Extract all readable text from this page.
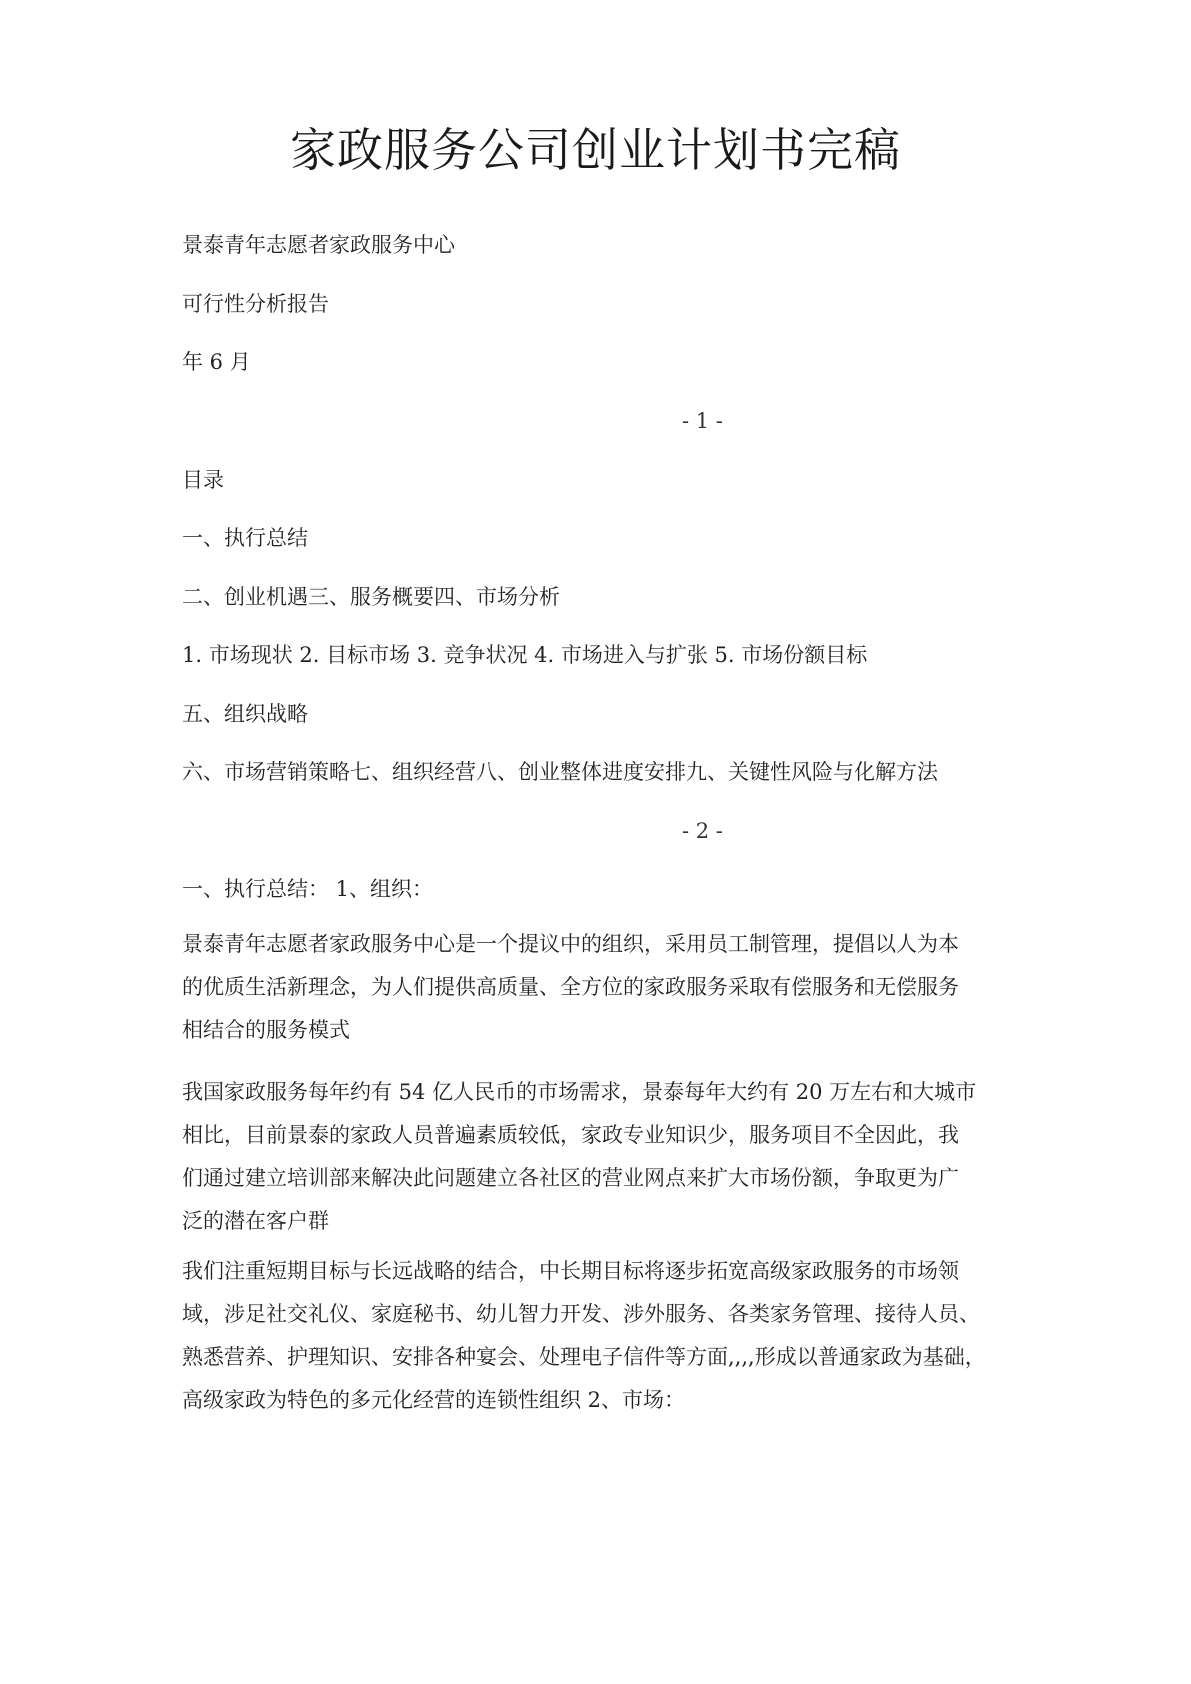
家政服务公司创业计划书完稿
景泰青年志愿者家政服务中心
可行性分析报告
年 6 月
- 1 -
目录
一、执行总结
二、创业机遇三、服务概要四、市场分析
1. 市场现状 2. 目标市场 3. 竞争状况 4. 市场进入与扩张 5. 市场份额目标
五、组织战略
六、市场营销策略七、组织经营八、创业整体进度安排九、关键性风险与化解方法
- 2 -
一、执行总结： 1、组织：
景泰青年志愿者家政服务中心是一个提议中的组织，采用员工制管理，提倡以人为本
的优质生活新理念，为人们提供高质量、全方位的家政服务采取有偿服务和无偿服务
相结合的服务模式
我国家政服务每年约有 54 亿人民币的市场需求，景泰每年大约有 20 万左右和大城市
相比，目前景泰的家政人员普遍素质较低，家政专业知识少，服务项目不全因此，我
们通过建立培训部来解决此问题建立各社区的营业网点来扩大市场份额，争取更为广
泛的潜在客户群
我们注重短期目标与长远战略的结合，中长期目标将逐步拓宽高级家政服务的市场领
域，涉足社交礼仪、家庭秘书、幼儿智力开发、涉外服务、各类家务管理、接待人员、
熟悉营养、护理知识、安排各种宴会、处理电子信件等方面,,,,形成以普通家政为基础，
高级家政为特色的多元化经营的连锁性组织 2、市场：
